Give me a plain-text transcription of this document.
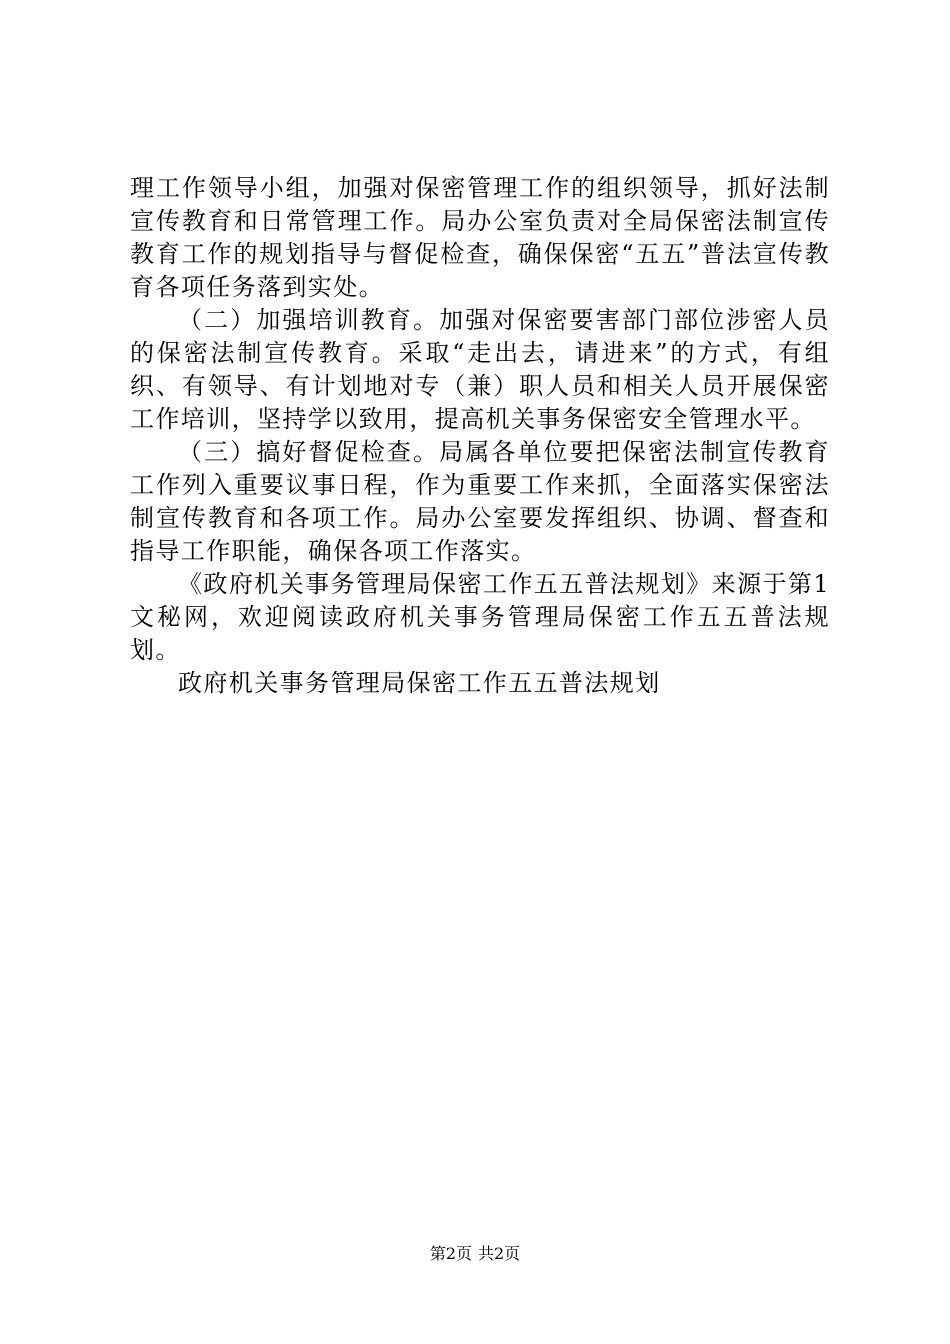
理工作领导小组，加强对保密管理工作的组织领导，抓好法制宣传教育和日常管理工作。局办公室负责对全局保密法制宣传教育工作的规划指导与督促检查，确保保密“五五”普法宣传教育各项任务落到实处。

（二）加强培训教育。加强对保密要害部门部位涉密人员的保密法制宣传教育。采取“走出去，请进来”的方式，有组织、有领导、有计划地对专（兼）职人员和相关人员开展保密工作培训，坚持学以致用，提高机关事务保密安全管理水平。

（三）搞好督促检查。局属各单位要把保密法制宣传教育工作列入重要议事日程，作为重要工作来抓，全面落实保密法制宣传教育和各项工作。局办公室要发挥组织、协调、督查和指导工作职能，确保各项工作落实。

《政府机关事务管理局保密工作五五普法规划》来源于第1文秘网，欢迎阅读政府机关事务管理局保密工作五五普法规划。

政府机关事务管理局保密工作五五普法规划

第2页 共2页
